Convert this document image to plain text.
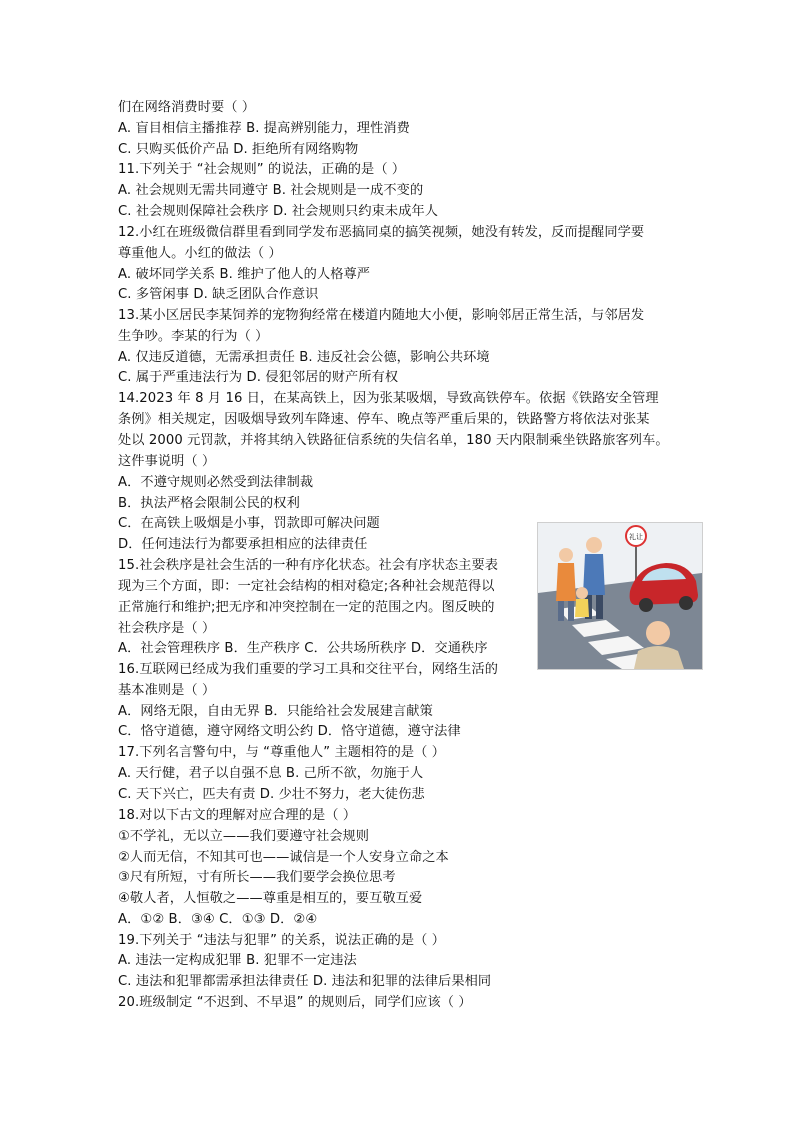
们在网络消费时要（ ）
A. 盲目相信主播推荐 B. 提高辨别能力，理性消费
C. 只购买低价产品 D. 拒绝所有网络购物
11.下列关于 “社会规则” 的说法，正确的是（ ）
A. 社会规则无需共同遵守 B. 社会规则是一成不变的
C. 社会规则保障社会秩序 D. 社会规则只约束未成年人
12.小红在班级微信群里看到同学发布恶搞同桌的搞笑视频，她没有转发，反而提醒同学要
尊重他人。小红的做法（ ）
A. 破坏同学关系 B. 维护了他人的人格尊严
C. 多管闲事 D. 缺乏团队合作意识
13.某小区居民李某饲养的宠物狗经常在楼道内随地大小便，影响邻居正常生活，与邻居发
生争吵。李某的行为（ ）
A. 仅违反道德，无需承担责任 B. 违反社会公德，影响公共环境
C. 属于严重违法行为 D. 侵犯邻居的财产所有权
14.2023 年 8 月 16 日，在某高铁上，因为张某吸烟，导致高铁停车。依据《铁路安全管理
条例》相关规定，因吸烟导致列车降速、停车、晚点等严重后果的，铁路警方将依法对张某
处以 2000 元罚款，并将其纳入铁路征信系统的失信名单，180 天内限制乘坐铁路旅客列车。
这件事说明（ ）
A．不遵守规则必然受到法律制裁
B．执法严格会限制公民的权利
C．在高铁上吸烟是小事，罚款即可解决问题
D．任何违法行为都要承担相应的法律责任
15.社会秩序是社会生活的一种有序化状态。社会有序状态主要表
现为三个方面，即：一定社会结构的相对稳定;各种社会规范得以
正常施行和维护;把无序和冲突控制在一定的范围之内。图反映的
社会秩序是（ ）
A．社会管理秩序 B．生产秩序 C．公共场所秩序 D．交通秩序
16.互联网已经成为我们重要的学习工具和交往平台，网络生活的
基本准则是（ ）
A．网络无限，自由无界 B．只能给社会发展建言献策
C．恪守道德，遵守网络文明公约 D．恪守道德，遵守法律
17.下列名言警句中，与 “尊重他人” 主题相符的是（ ）
A. 天行健，君子以自强不息 B. 己所不欲，勿施于人
C. 天下兴亡，匹夫有责 D. 少壮不努力，老大徒伤悲
18.对以下古文的理解对应合理的是（ ）
①不学礼，无以立——我们要遵守社会规则
②人而无信，不知其可也——诚信是一个人安身立命之本
③尺有所短，寸有所长——我们要学会换位思考
④敬人者，人恒敬之——尊重是相互的，要互敬互爱
A．①② B．③④ C．①③ D．②④
19.下列关于 “违法与犯罪” 的关系，说法正确的是（ ）
A. 违法一定构成犯罪 B. 犯罪不一定违法
C. 违法和犯罪都需承担法律责任 D. 违法和犯罪的法律后果相同
20.班级制定 “不迟到、不早退” 的规则后，同学们应该（ ）
礼让
